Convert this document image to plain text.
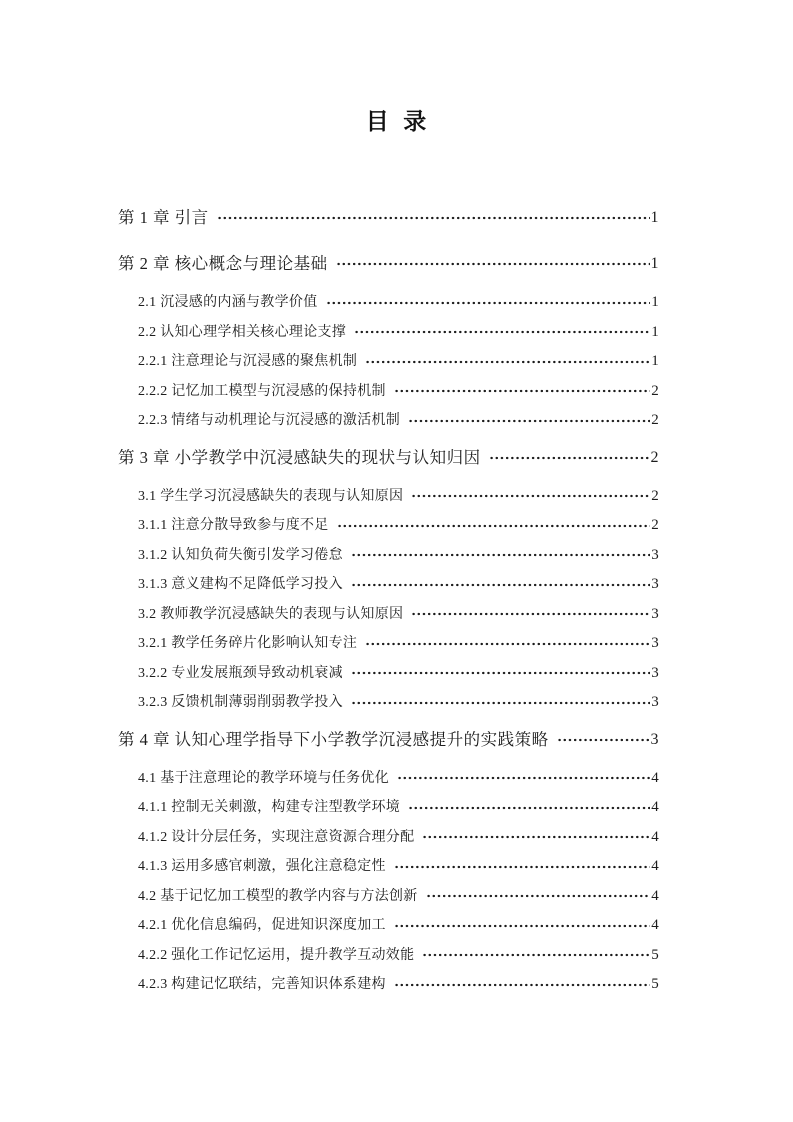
目  录
第 1 章 引言	1
第 2 章 核心概念与理论基础	1
2.1 沉浸感的内涵与教学价值	1
2.2 认知心理学相关核心理论支撑	1
2.2.1 注意理论与沉浸感的聚焦机制	1
2.2.2 记忆加工模型与沉浸感的保持机制	2
2.2.3 情绪与动机理论与沉浸感的激活机制	2
第 3 章 小学教学中沉浸感缺失的现状与认知归因	2
3.1 学生学习沉浸感缺失的表现与认知原因	2
3.1.1 注意分散导致参与度不足	2
3.1.2 认知负荷失衡引发学习倦怠	3
3.1.3 意义建构不足降低学习投入	3
3.2 教师教学沉浸感缺失的表现与认知原因	3
3.2.1 教学任务碎片化影响认知专注	3
3.2.2 专业发展瓶颈导致动机衰减	3
3.2.3 反馈机制薄弱削弱教学投入	3
第 4 章 认知心理学指导下小学教学沉浸感提升的实践策略	3
4.1 基于注意理论的教学环境与任务优化	4
4.1.1 控制无关刺激，构建专注型教学环境	4
4.1.2 设计分层任务，实现注意资源合理分配	4
4.1.3 运用多感官刺激，强化注意稳定性	4
4.2 基于记忆加工模型的教学内容与方法创新	4
4.2.1 优化信息编码，促进知识深度加工	4
4.2.2 强化工作记忆运用，提升教学互动效能	5
4.2.3 构建记忆联结，完善知识体系建构	5
